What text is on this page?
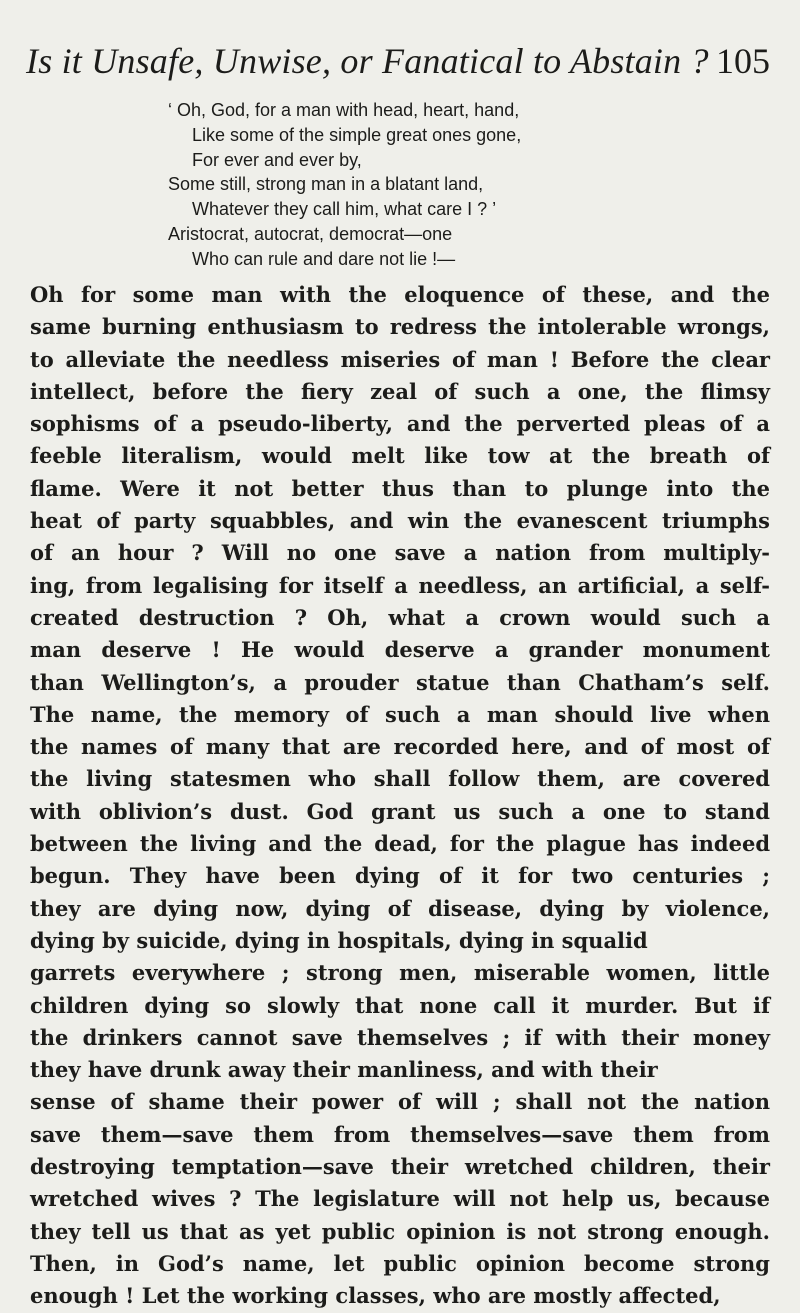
Is it Unsafe, Unwise, or Fanatical to Abstain ? 105
‘ Oh, God, for a man with head, heart, hand,
Like some of the simple great ones gone,
For ever and ever by,
Some still, strong man in a blatant land,
Whatever they call him, what care I ? ’
Aristocrat, autocrat, democrat—one
Who can rule and dare not lie !—
Oh for some man with the eloquence of these, and the
same burning enthusiasm to redress the intolerable wrongs,
to alleviate the needless miseries of man ! Before the clear
intellect, before the fiery zeal of such a one, the flimsy
sophisms of a pseudo-liberty, and the perverted pleas of a
feeble literalism, would melt like tow at the breath of
flame. Were it not better thus than to plunge into the
heat of party squabbles, and win the evanescent triumphs
of an hour ? Will no one save a nation from multiply-
ing, from legalising for itself a needless, an artificial, a self-
created destruction ? Oh, what a crown would such a
man deserve ! He would deserve a grander monument
than Wellington’s, a prouder statue than Chatham’s self.
The name, the memory of such a man should live when
the names of many that are recorded here, and of most of
the living statesmen who shall follow them, are covered
with oblivion’s dust. God grant us such a one to stand
between the living and the dead, for the plague has indeed
begun. They have been dying of it for two centuries ;
they are dying now, dying of disease, dying by violence,
dying by suicide, dying in hospitals, dying in squalid
garrets everywhere ; strong men, miserable women, little
children dying so slowly that none call it murder. But if
the drinkers cannot save themselves ; if with their money
they have drunk away their manliness, and with their
sense of shame their power of will ; shall not the nation
save them—save them from themselves—save them from
destroying temptation—save their wretched children, their
wretched wives ? The legislature will not help us, because
they tell us that as yet public opinion is not strong enough.
Then, in God’s name, let public opinion become strong
enough ! Let the working classes, who are mostly affected,
